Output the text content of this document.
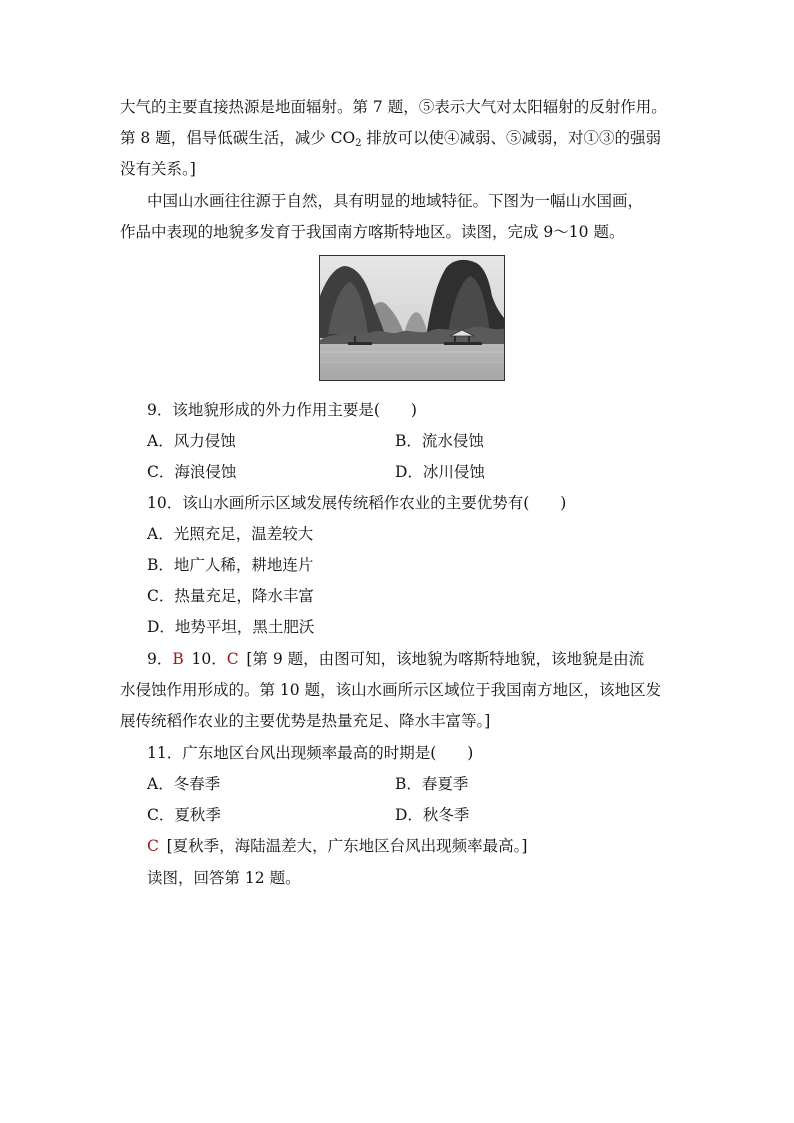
大气的主要直接热源是地面辐射。第 7 题，⑤表示大气对太阳辐射的反射作用。
第 8 题，倡导低碳生活，减少 $CO_2$ 排放可以使④减弱、⑤减弱，对①③的强弱
没有关系。]
中国山水画往往源于自然，具有明显的地域特征。下图为一幅山水国画，
作品中表现的地貌多发育于我国南方喀斯特地区。读图，完成 9～10 题。
9．该地貌形成的外力作用主要是(　　)
A．风力侵蚀	B．流水侵蚀
C．海浪侵蚀	D．冰川侵蚀
10．该山水画所示区域发展传统稻作农业的主要优势有(　　)
A．光照充足，温差较大
B．地广人稀，耕地连片
C．热量充足，降水丰富
D．地势平坦，黑土肥沃
9．B  10．C  [第 9 题，由图可知，该地貌为喀斯特地貌，该地貌是由流
水侵蚀作用形成的。第 10 题，该山水画所示区域位于我国南方地区，该地区发
展传统稻作农业的主要优势是热量充足、降水丰富等。]
11．广东地区台风出现频率最高的时期是(　　)
A．冬春季	B．春夏季
C．夏秋季	D．秋冬季
C  [夏秋季，海陆温差大，广东地区台风出现频率最高。]
读图，回答第 12 题。
